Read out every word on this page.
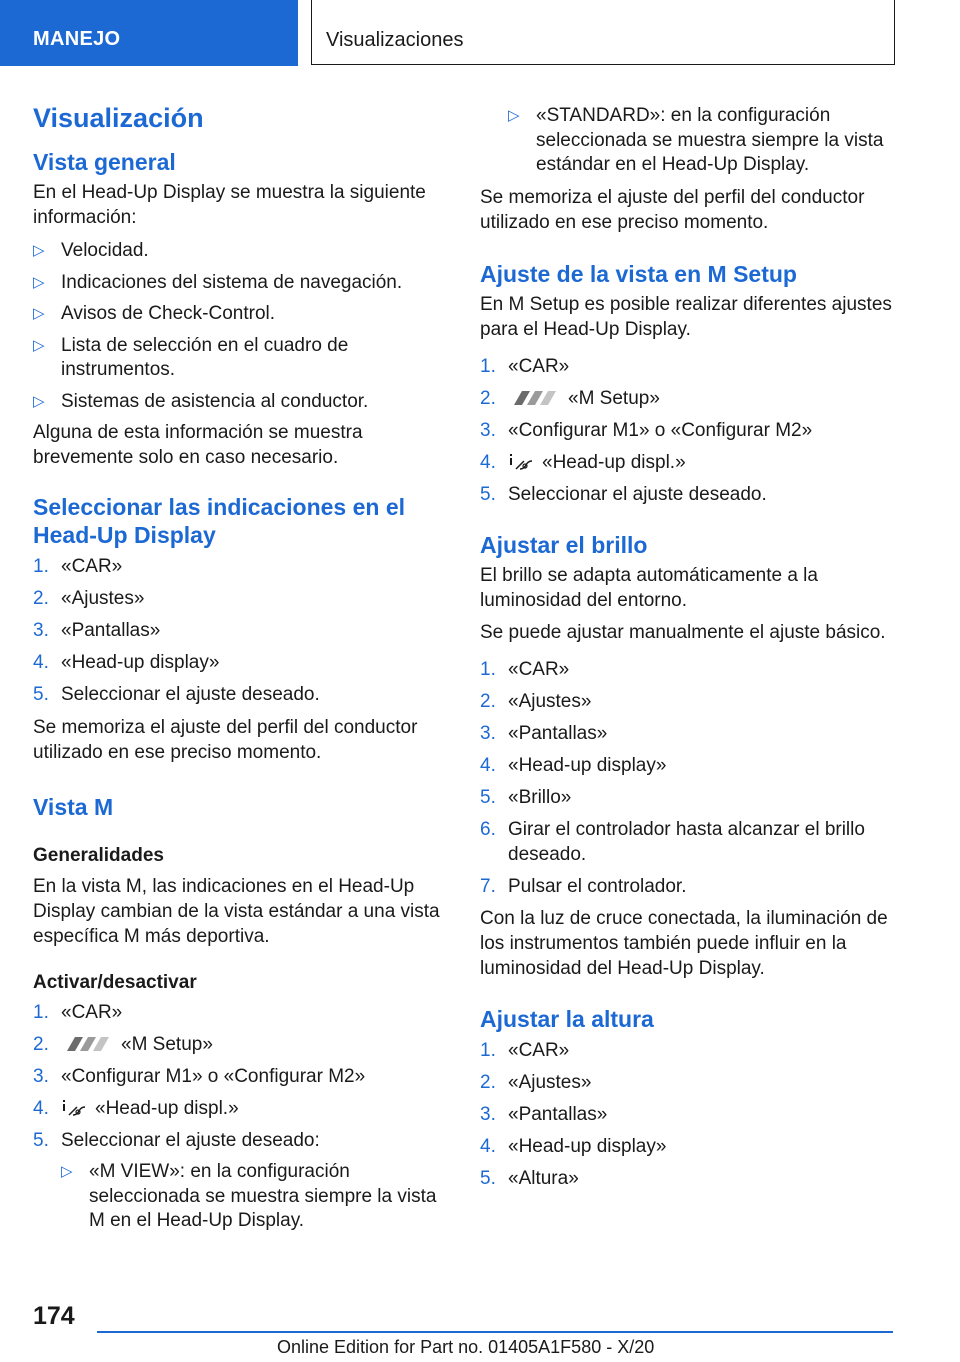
MANEJO	Visualizaciones
Visualización
Vista general

En el Head-Up Display se muestra la siguiente información:

▷ Velocidad.
▷ Indicaciones del sistema de navegación.
▷ Avisos de Check-Control.
▷ Lista de selección en el cuadro de instrumentos.
▷ Sistemas de asistencia al conductor.

Alguna de esta información se muestra brevemente solo en caso necesario.

Seleccionar las indicaciones en el Head-Up Display
1. «CAR»
2. «Ajustes»
3. «Pantallas»
4. «Head-up display»
5. Seleccionar el ajuste deseado.

Se memoriza el ajuste del perfil del conductor utilizado en ese preciso momento.

Vista M
Generalidades

En la vista M, las indicaciones en el Head-Up Display cambian de la vista estándar a una vista específica M más deportiva.

Activar/desactivar
1. «CAR»
2.	«M Setup»
3. «Configurar M1» o «Configurar M2»
4. «Head-up displ.»
5. Seleccionar el ajuste deseado:
▷ «M VIEW»: en la configuración seleccionada se muestra siempre la vista M en el Head-Up Display.
▷ «STANDARD»: en la configuración seleccionada se muestra siempre la vista estándar en el Head-Up Display.

Se memoriza el ajuste del perfil del conductor utilizado en ese preciso momento.

Ajuste de la vista en M Setup

En M Setup es posible realizar diferentes ajustes para el Head-Up Display.

1. «CAR»
2.	«M Setup»
3. «Configurar M1» o «Configurar M2»
4. «Head-up displ.»
5. Seleccionar el ajuste deseado.
Ajustar el brillo

El brillo se adapta automáticamente a la luminosidad del entorno.

Se puede ajustar manualmente el ajuste básico.

1. «CAR»
2. «Ajustes»
3. «Pantallas»
4. «Head-up display»
5. «Brillo»
6. Girar el controlador hasta alcanzar el brillo deseado.
7. Pulsar el controlador.

Con la luz de cruce conectada, la iluminación de los instrumentos también puede influir en la luminosidad del Head-Up Display.

Ajustar la altura
1. «CAR»
2. «Ajustes»
3. «Pantallas»
4. «Head-up display»
5. «Altura»
174
Online Edition for Part no. 01405A1F580 - X/20
